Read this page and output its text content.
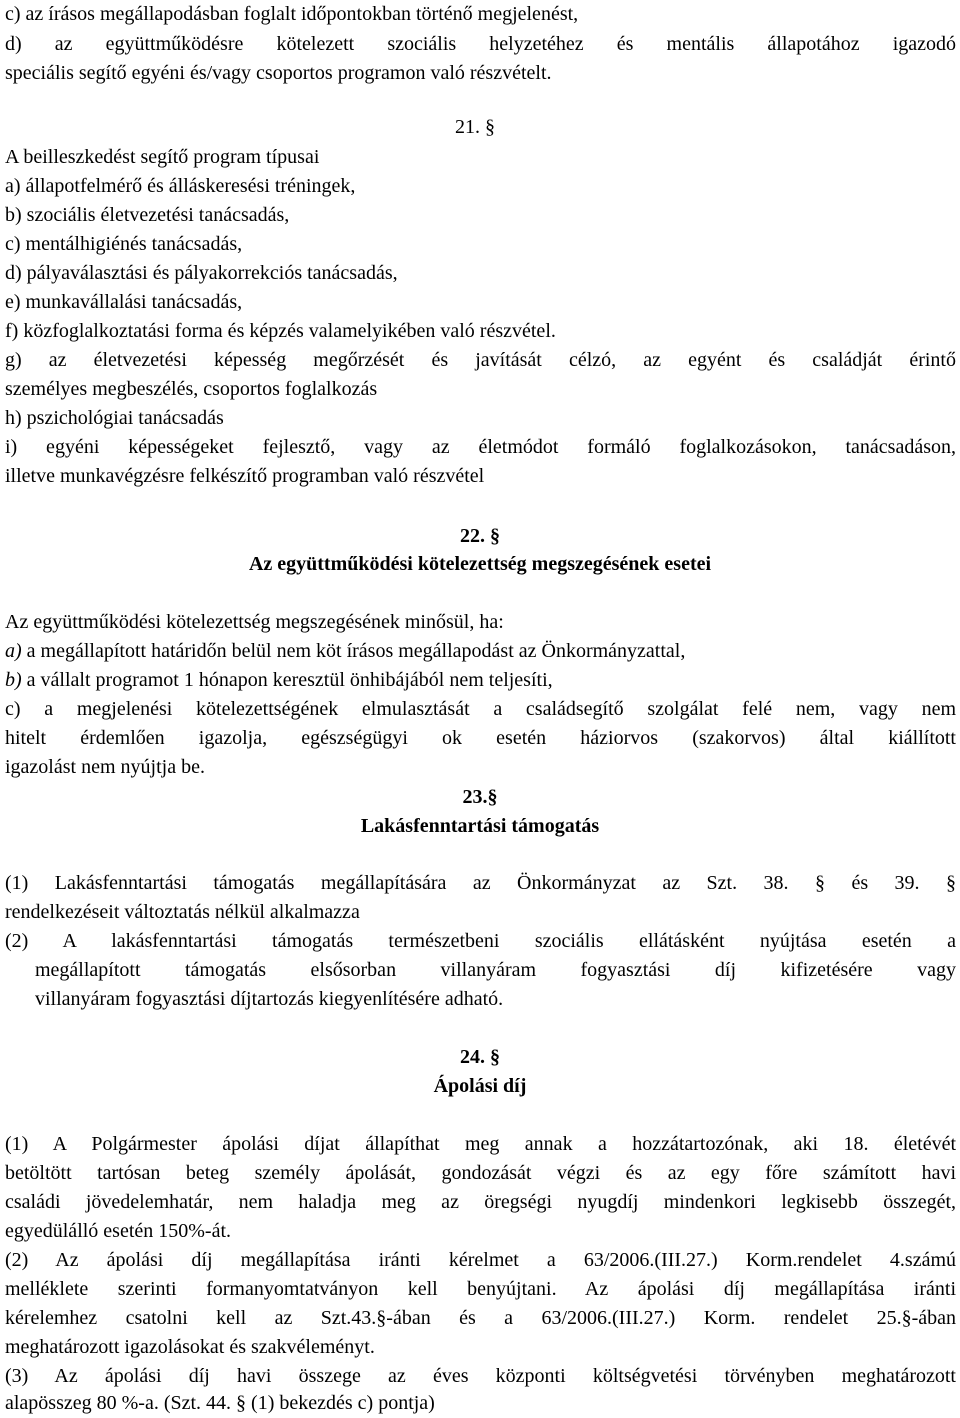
c) az írásos megállapodásban foglalt időpontokban történő megjelenést,
d) az együttműködésre kötelezett szociális helyzetéhez és mentális állapotához igazodó
speciális segítő egyéni és/vagy csoportos programon való részvételt.
21. §
A beilleszkedést segítő program típusai
a) állapotfelmérő és álláskeresési tréningek,
b) szociális életvezetési tanácsadás,
c) mentálhigiénés tanácsadás,
d) pályaválasztási és pályakorrekciós tanácsadás,
e) munkavállalási tanácsadás,
f) közfoglalkoztatási forma és képzés valamelyikében való részvétel.
g) az életvezetési képesség megőrzését és javítását célzó, az egyént és családját érintő
személyes megbeszélés, csoportos foglalkozás
h) pszichológiai tanácsadás
i) egyéni képességeket fejlesztő, vagy az életmódot formáló foglalkozásokon, tanácsadáson,
illetve munkavégzésre felkészítő programban való részvétel
22. §
Az együttműködési kötelezettség megszegésének esetei
Az együttműködési kötelezettség megszegésének minősül, ha:
a) a megállapított határidőn belül nem köt írásos megállapodást az Önkormányzattal,
b) a vállalt programot 1 hónapon keresztül önhibájából nem teljesíti,
c) a megjelenési kötelezettségének elmulasztását a családsegítő szolgálat felé nem, vagy nem
hitelt érdemlően igazolja, egészségügyi ok esetén háziorvos (szakorvos) által kiállított
igazolást nem nyújtja be.
23.§
Lakásfenntartási támogatás
(1) Lakásfenntartási támogatás megállapítására az Önkormányzat az Szt. 38. § és 39. §
rendelkezéseit változtatás nélkül alkalmazza
(2) A lakásfenntartási támogatás természetbeni szociális ellátásként nyújtása esetén a
megállapított támogatás elsősorban villanyáram fogyasztási díj kifizetésére vagy
villanyáram fogyasztási díjtartozás kiegyenlítésére adható.
24. §
Ápolási díj
(1) A Polgármester ápolási díjat állapíthat meg annak a hozzátartozónak, aki 18. életévét
betöltött tartósan beteg személy ápolását, gondozását végzi és az egy főre számított havi
családi jövedelemhatár, nem haladja meg az öregségi nyugdíj mindenkori legkisebb összegét,
egyedülálló esetén 150%-át.
(2) Az ápolási díj megállapítása iránti kérelmet a 63/2006.(III.27.) Korm.rendelet 4.számú
melléklete szerinti formanyomtatványon kell benyújtani. Az ápolási díj megállapítása iránti
kérelemhez csatolni kell az Szt.43.§-ában és a 63/2006.(III.27.) Korm. rendelet 25.§-ában
meghatározott igazolásokat és szakvéleményt.
(3) Az ápolási díj havi összege az éves központi költségvetési törvényben meghatározott
alapösszeg 80 %-a. (Szt. 44. § (1) bekezdés c) pontja)
